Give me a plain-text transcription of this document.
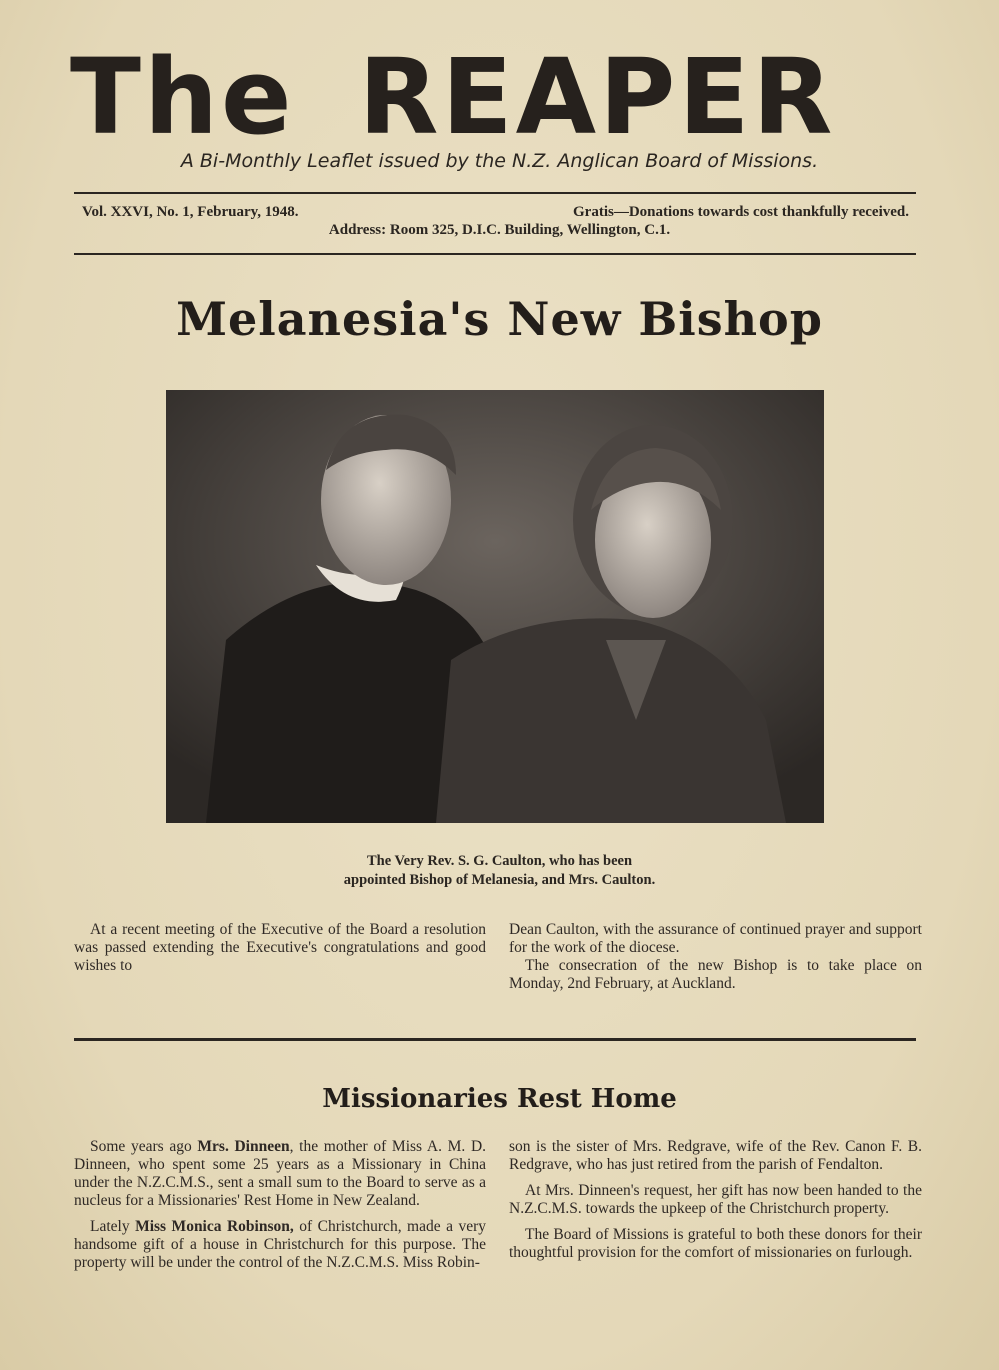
The REAPER
A Bi-Monthly Leaflet issued by the N.Z. Anglican Board of Missions.
Vol. XXVI, No. 1, February, 1948.	Gratis—Donations towards cost thankfully received.
Address: Room 325, D.I.C. Building, Wellington, C.1.
Melanesia's New Bishop
The Very Rev. S. G. Caulton, who has been
appointed Bishop of Melanesia, and Mrs. Caulton.

At a recent meeting of the Executive of the Board a resolution was passed extending the Executive's congratulations and good wishes to

Dean Caulton, with the assurance of continued prayer and support for the work of the diocese.

The consecration of the new Bishop is to take place on Monday, 2nd February, at Auckland.

Missionaries Rest Home

Some years ago Mrs. Dinneen, the mother of Miss A. M. D. Dinneen, who spent some 25 years as a Missionary in China under the N.Z.C.M.S., sent a small sum to the Board to serve as a nucleus for a Missionaries' Rest Home in New Zealand.

Lately Miss Monica Robinson, of Christchurch, made a very handsome gift of a house in Christchurch for this purpose. The property will be under the control of the N.Z.C.M.S. Miss Robin-

son is the sister of Mrs. Redgrave, wife of the Rev. Canon F. B. Redgrave, who has just retired from the parish of Fendalton.

At Mrs. Dinneen's request, her gift has now been handed to the N.Z.C.M.S. towards the upkeep of the Christchurch property.

The Board of Missions is grateful to both these donors for their thoughtful provision for the comfort of missionaries on furlough.
